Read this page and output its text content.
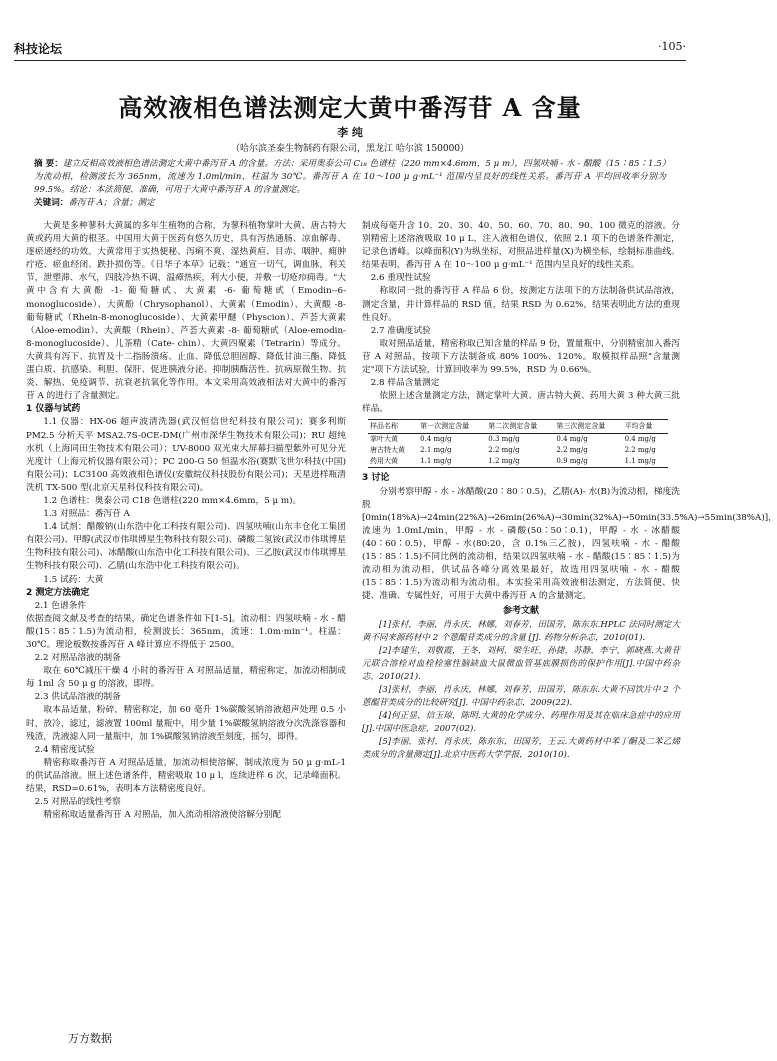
科技论坛	·105·
高效液相色谱法测定大黄中番泻苷 A 含量
李 纯
（哈尔滨圣泰生物制药有限公司，黑龙江 哈尔滨 150000）
摘 要：建立反相高效液相色谱法测定大黄中番泻苷 A 的含量。方法：采用奥泰公司 C₁₈ 色谱柱（220 mm×4.6mm，5 μ m），四氢呋喃 - 水 - 醋酸（15∶85∶1.5）为流动相，检测波长为 365nm，流速为 1.0ml/min，柱温为 30℃。番泻苷 A 在 10～100 μ g·mL⁻¹ 范围内呈良好的线性关系。番泻苷 A 平均回收率分别为 99.5%。结论：本法简便、准确，可用于大黄中番泻苷 A 的含量测定。
关键词：番泻苷 A；含量；测定

大黄是多种蓼科大黄属的多年生植物的合称，为蓼科植物掌叶大黄、唐古特大黄或药用大黄的根茎。中国用大黄于医药有悠久历史，具有泻热通肠、凉血解毒、逐瘀通经的功效。大黄常用于实热便秘、泻痢不爽、湿热黄疸、目赤、咽肿、痈肿疔疮、瘀血经闭、跌扑损伤等。《日华子本草》记载："通宣一切气，调血脉，利关节，泄塑滞、水气，四肢冷热不调，温瘴热疾，利大小便，并敷一切疮疖痈毒。"大黄中含有大黄酚 -1- 葡萄糖甙、大黄素 -6- 葡萄糖甙（Emodin--6-monoglucoside）、大黄酚（Chrysophanol）、大黄素（Emodin）、大黄酸 -8- 葡萄糖甙（Rhein-8-monoglucoside）、大黄素甲醚（Physcion）、芦荟大黄素（Aloe-emodin）、大黄酸（Rhein）、芦荟大黄素 -8- 葡萄糖甙（Aloe-emodin-8-monoglucoside）、儿茶精（Cate- chin）、大黄四聚素（Tetrarin）等成分。大黄具有泻下、抗胃及十二指肠溃疡、止血、降低总胆固醇、降低甘油三酯、降低蛋白质、抗感染、利胆、保肝、促进胰液分泌、抑制胰酶活性、抗病原微生物、抗炎、解热、免疫调节、抗衰老抗氧化等作用。本文采用高效液相法对大黄中的番泻苷 A 的进行了含量测定。

1 仪器与试药

1.1 仪器：HX-06 超声波清洗器(武汉恒信世纪科技有限公司)；赛多利斯 PM2.5 分析天平 MSA2.7S-0CE-DM(广州市深华生物技术有限公司)；RU 超纯水机（上海同田生物技术有限公司）；UV-8000 双光束大屏幕扫描型紫外可见分光光度计（上海元析仪器有限公司）；PC 200-G 50 恒温水浴(赛默飞世尔科技(中国)有限公司)；LC3100 高效液相色谱仪(安徽皖仪科技股份有限公司)；天星进样瓶清洗机 TX-500 型(北京天星科仪科技有限公司)。

1.2 色谱柱：奥泰公司 C18 色谱柱(220 mm×4.6mm，5 μ m)。

1.3 对照品：番泻苷 A

1.4 试剂：醋酸钠(山东浩中化工科技有限公司)、四氢呋喃(山东丰仓化工集团有限公司)、甲醇(武汉市伟琪博星生物科技有限公司)、磷酸二氢铵(武汉市伟琪博星生物科技有限公司)、冰醋酸(山东浩中化工科技有限公司)、三乙胺(武汉市伟琪博星生物科技有限公司)、乙腈(山东浩中化工科技有限公司)。

1.5 试药：大黄

2 测定方法确定

2.1 色谱条件

依据查阅文献及考查的结果，确定色谱条件如下[1-5]。流动相：四氢呋喃 - 水 - 醋酸(15∶85∶1.5)为流动相，检测波长：365nm，流速：1.0m·min⁻¹。柱温：30℃。理论板数按番泻苷 A 峰计算应不得低于 2500。

2.2 对照品溶液的制备

取在 60℃减压干燥 4 小时的番泻苷 A 对照品适量，精密称定，加流动相制成每 1ml 含 50 μ g 的溶液，即得。

2.3 供试品溶液的制备

取本品适量，粉碎，精密称定，加 60 毫升 1%碳酸氢钠溶液超声处理 0.5 小时，放冷，滤过，滤液置 100ml 量瓶中，用少量 1%碳酸氢钠溶液分次洗涤容器和残渣，洗液滤入同一量瓶中，加 1%碳酸氢钠溶液至刻度，摇匀，即得。

2.4 精密度试验

精密称取番泻苷 A 对照品适量，加流动相使溶解，制成浓度为 50 μ g·mL-1 的供试品溶液。照上述色谱条件，精密吸取 10 μ l，连续进样 6 次，记录峰面积。结果，RSD=0.61%，表明本方法精密度良好。

2.5 对照品的线性考察

精密称取适量番泻苷 A 对照品，加入流动相溶液使溶解分别配

制成每毫升含 10、20、30、40、50、60、70、80、90、100 微克的溶液。分别精密上述溶液吸取 10 μ L，注入液相色谱仪，依照 2.1 项下的色谱条件测定，记录色谱峰。以峰面积(Y)为纵坐标，对照品进样量(X)为横坐标，绘制标准曲线。结果表明，番泻苷 A 在 10～100 μ g·mL⁻¹ 范围内呈良好的线性关系。

2.6 重现性试验

称取同一批的番泻苷 A 样品 6 份，按测定方法项下的方法制备供试品溶液，测定含量，并计算样品的 RSD 值，结果 RSD 为 0.62%，结果表明此方法的重现性良好。

2.7 准确度试验

取对照品适量，精密称取已知含量的样品 9 份，置量瓶中，分别精密加入番泻苷 A 对照品，按项下方法制备成 80% 100%、120%。取模拟样品照"含量测定"项下方法试验，计算回收率为 99.5%，RSD 为 0.66%。

2.8 样品含量测定

依照上述含量测定方法，测定掌叶大黄、唐古特大黄、药用大黄 3 种大黄三批样品。

样品名称	第一次测定含量	第二次测定含量	第三次测定含量	平均含量
掌叶大黄	0.4 mg/g	0.3 mg/g	0.4 mg/g	0.4 mg/g
唐古特大黄	2.1 mg/g	2.2 mg/g	2.2 mg/g	2.2 mg/g
药用大黄	1.1 mg/g	1.2 mg/g	0.9 mg/g	1.1 mg/g

3 讨论

分别考察甲醇 - 水 - 冰醋酸(20∶80∶0.5)，乙腈(A)- 水(B)为流动相，梯度洗脱[0min(18%A)→24min(22%A)→26min(26%A)→30min(32%A)→50min(33.5%A)→55min(38%A)]，流速为 1.0mL/min，甲醇 - 水 - 磷酸(50∶50∶0.1)，甲醇 - 水 - 冰醋酸(40∶60∶0.5)，甲醇 - 水(80:20，含 0.1%三乙胺)，四氢呋喃 - 水 - 醋酸(15∶85∶1.5)不同比例的流动相，结果以四氢呋喃 - 水 - 醋酸(15∶85∶1.5)为流动相为流动相，供试品各峰分离效果最好，故选用四氢呋喃 - 水 - 醋酸(15∶85∶1.5)为流动相为流动相。本实验采用高效液相法测定，方法简便、快捷、准确、专属性好，可用于大黄中番泻苷 A 的含量测定。

参考文献

[1]张村，李丽，肖永庆，林娜，刘春芳，田国芳，陈东东.HPLC 法同时测定大黄不同来源药材中 2 个蒽醌苷类成分的含量 [J]. 药物分析杂志，2010(01).

[2]李建生，刘敬霞，王冬，刘柯，梁生旺，孙捷，苏静，李宁，郭晓燕.大黄苷元联合溶栓对血栓栓塞性脑缺血大鼠微血管基底膜损伤的保护作用[J].中国中药杂志，2010(21).

[3]张村，李丽，肖永庆，林娜，刘春芳，田国芳，陈东东.大黄不同饮片中 2 个蒽醌苷类成分的比较研究[J]. 中国中药杂志，2009(22).

[4]何正显，信玉琼，陈明.大黄的化学成分、药理作用及其在临床急症中的应用[J].中国中医急症，2007(02).

[5]李丽，张村，肖永庆，陈东东，田国芳，王云.大黄药材中苯丁酮及二苯乙烯类成分的含量测定[J].北京中医药大学学报，2010(10).

万方数据
